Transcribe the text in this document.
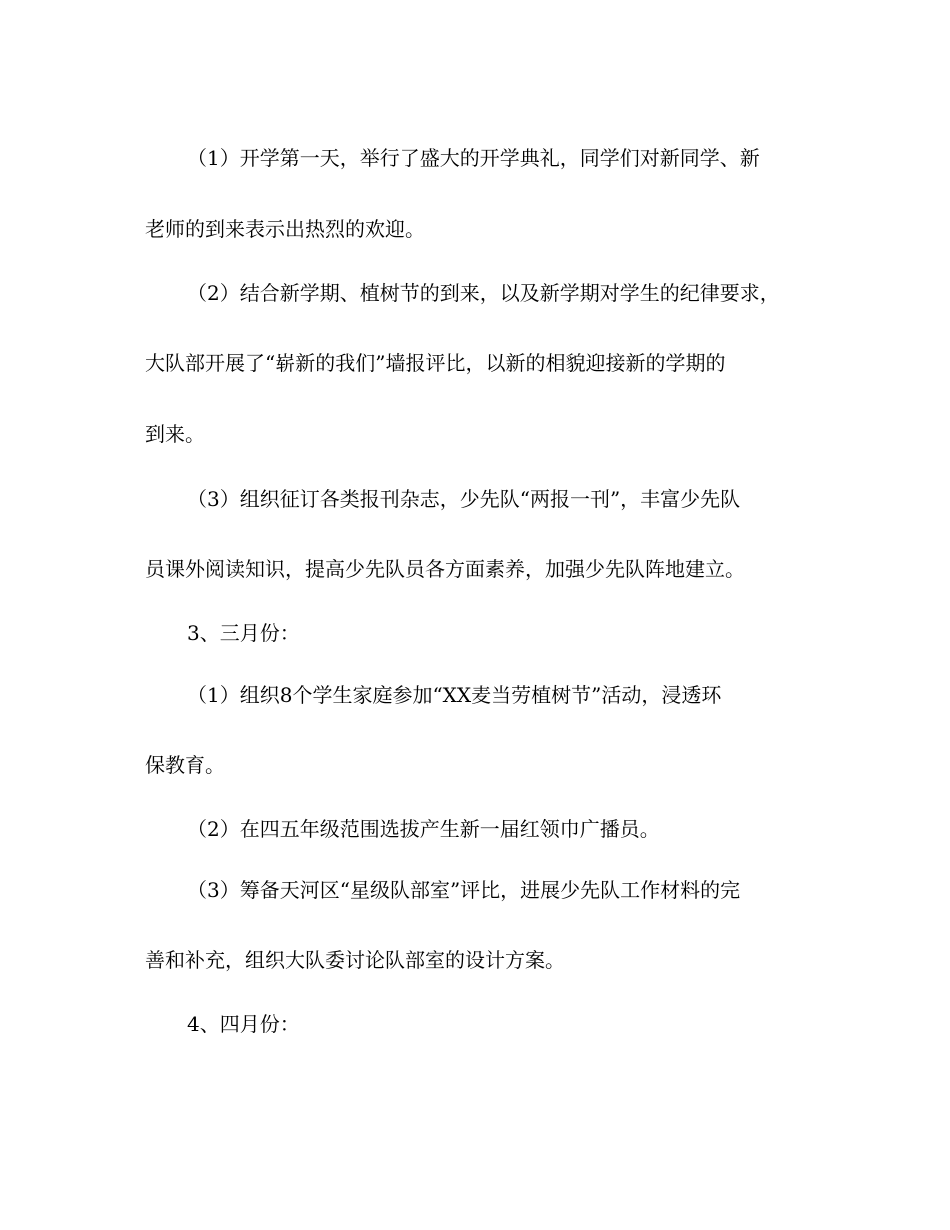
（1）开学第一天，举行了盛大的开学典礼，同学们对新同学、新
老师的到来表示出热烈的欢迎。
（2）结合新学期、植树节的到来，以及新学期对学生的纪律要求，
大队部开展了“崭新的我们”墙报评比，以新的相貌迎接新的学期的
到来。
（3）组织征订各类报刊杂志，少先队“两报一刊”，丰富少先队
员课外阅读知识，提高少先队员各方面素养，加强少先队阵地建立。
3、三月份：
（1）组织8个学生家庭参加“XX麦当劳植树节”活动，浸透环
保教育。
（2）在四五年级范围选拔产生新一届红领巾广播员。
（3）筹备天河区“星级队部室”评比，进展少先队工作材料的完
善和补充，组织大队委讨论队部室的设计方案。
4、四月份：
